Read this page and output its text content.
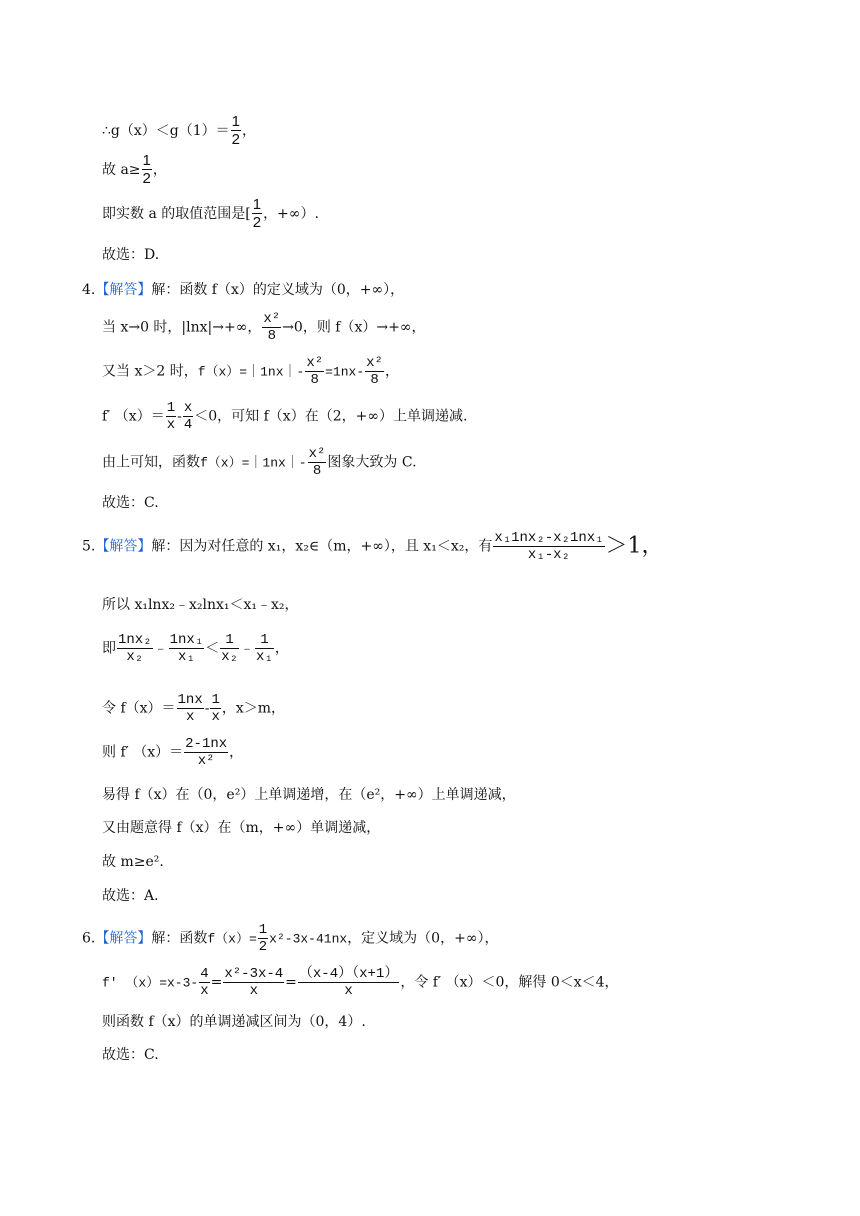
∴g（x）＜g（1）＝ $\frac{1}{2}$ ，
故 $a\ge \frac{1}{2}$ ，
即实数 a 的取值范围是[ $\frac{1}{2}$ ，+∞）.
故选：D.
4.【解答】解：函数 f（x）的定义域为（0，+∞），
当 x→0 时，|lnx|→+∞， $\frac{\text{x²}}{8} \to 0$，则 f（x）→+∞，
又当 x＞2 时，f（x）=｜1nx｜- $\frac{\text{x²}}{8} =1nx- \frac{\text{x²}}{8}$ ，
f′ $(x)= \frac{1}{x} - \frac{x}{4} <0$，可知 f（x）在（2，+∞）上单调递减.
由上可知，函数f（x）=｜1nx｜- $\frac{\text{x²}}{8}$ 图象大致为 C.
故选：C.
5.【解答】解：因为对任意的 x₁，x₂∈（m，+∞），且 x₁＜x₂，有 $\frac{\text{x₁1nx₂-x₂1nx₁}}{\text{x₁-x₂}} >1$，
所以 x₁lnx₂﹣x₂lnx₁＜x₁﹣x₂，
即 $\frac{\text{1nx₂}}{\text{x₂}}$ ﹣ $\frac{\text{1nx₁}}{\text{x₁}} < \frac{1}{\text{x₂}}$ ﹣ $\frac{1}{\text{x₁}}$ ，
令 $f(x)= \frac{1nx}{x} - \frac{1}{x}$ ，x＞m，
则 f′ $(x)= \frac{2-1nx}{\text{x²}}$ ，
易得 f（x）在（0，e²）上单调递增，在（e²，+∞）上单调递减，
又由题意得 f（x）在（m，+∞）单调递减，
故 m≥e².
故选：A.
6.【解答】解：函数$f(x)= \frac{1}{2} x^2-3x-41nx$，定义域为（0，+∞），
f′ $(x)=x-3- \frac{4}{x} = \frac{\text{x²-3x-4}}{x} = \frac{(x-4)(x+1)}{x}$ ，令 f′ （x）＜0，解得 0＜x＜4，
则函数 f（x）的单调递减区间为（0，4）.
故选：C.
